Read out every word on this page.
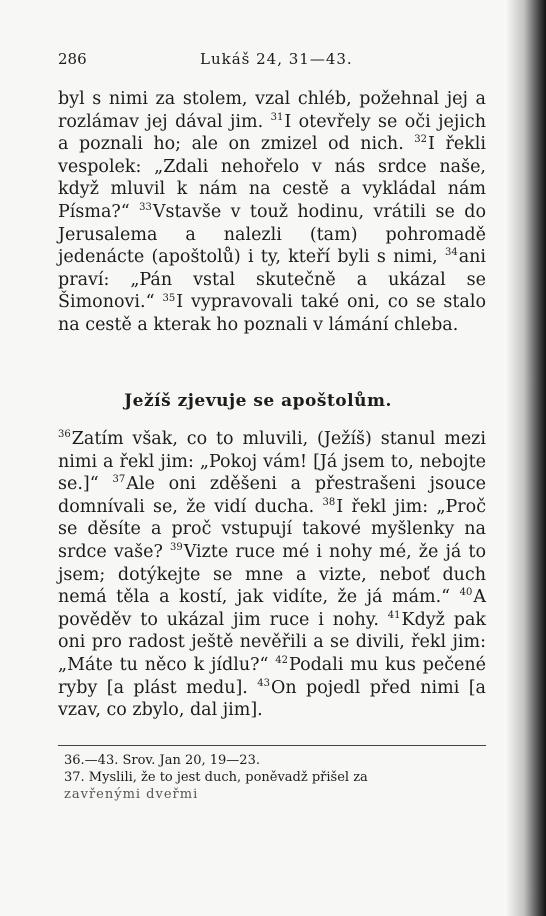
286	Lukáš 24, 31—43.

byl s nimi za stolem, vzal chléb, požehnal jej a rozlámav jej dával jim. $^{31}$I otevřely se oči jejich a poznali ho; ale on zmizel od nich. $^{32}$I řekli vespolek: „Zdali nehořelo v nás srdce naše, když mluvil k nám na cestě a vykládal nám Písma?“ $^{33}$Vstavše v touž hodinu, vrátili se do Jerusalema a nalezli (tam) pohromadě jedenácte (apoštolů) i ty, kteří byli s nimi, $^{34}$ani praví: „Pán vstal skutečně a ukázal se Šimonovi.“ $^{35}$I vypravovali také oni, co se stalo na cestě a kterak ho poznali v lámání chleba.

Ježíš zjevuje se apoštolům.

$^{36}$Zatím však, co to mluvili, (Ježíš) stanul mezi nimi a řekl jim: „Pokoj vám! [Já jsem to, nebojte se.]“ $^{37}$Ale oni zděšeni a přestrašeni jsouce domnívali se, že vidí ducha. $^{38}$I řekl jim: „Proč se děsíte a proč vstupují takové myšlenky na srdce vaše? $^{39}$Vizte ruce mé i nohy mé, že já to jsem; dotýkejte se mne a vizte, neboť duch nemá těla a kostí, jak vidíte, že já mám.“ $^{40}$A pověděv to ukázal jim ruce i nohy. $^{41}$Když pak oni pro radost ještě nevěřili a se divili, řekl jim: „Máte tu něco k jídlu?“ $^{42}$Podali mu kus pečené ryby [a plást medu]. $^{43}$On pojedl před nimi [a vzav, co zbylo, dal jim].

36.—43. Srov. Jan 20, 19—23.

37. Myslili, že to jest duch, poněvadž přišel za

zavřenými dveřmi
